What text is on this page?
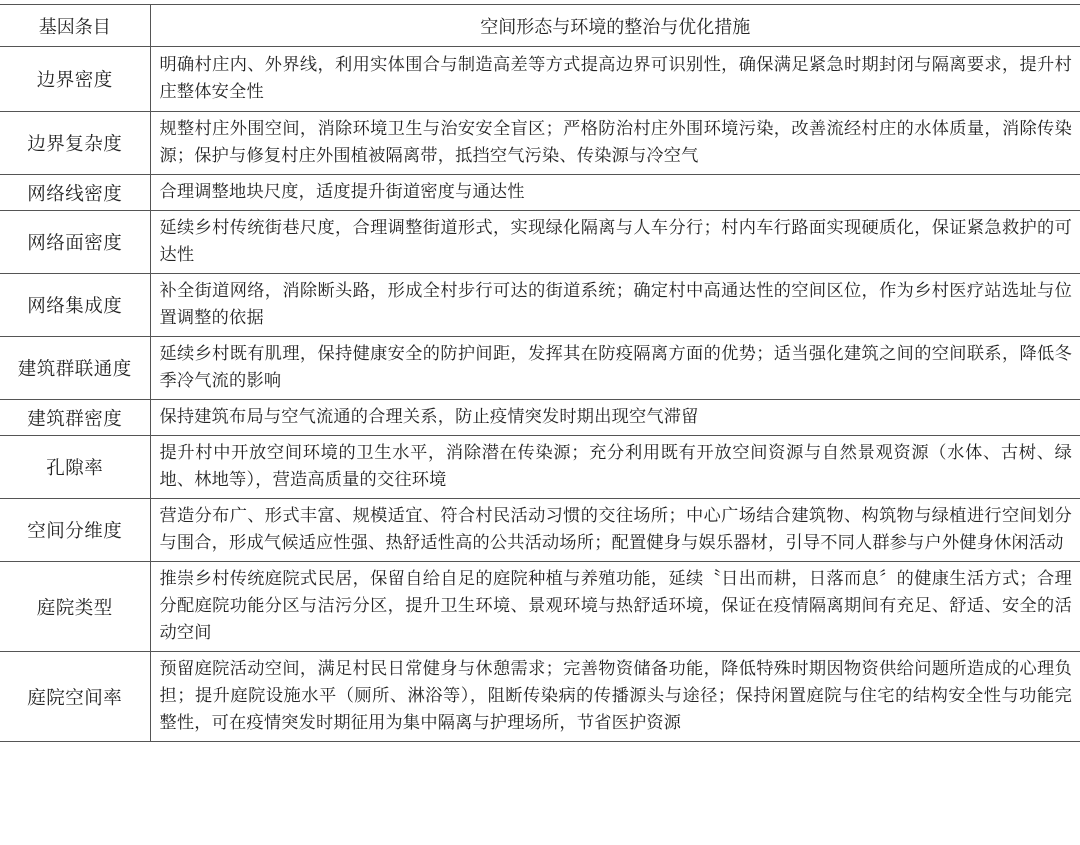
基因条目	空间形态与环境的整治与优化措施
边界密度	明确村庄内、外界线，利用实体围合与制造高差等方式提高边界可识别性，确保满足紧急时期封闭与隔离要求，提升村庄整体安全性
边界复杂度	规整村庄外围空间，消除环境卫生与治安安全盲区；严格防治村庄外围环境污染，改善流经村庄的水体质量，消除传染源；保护与修复村庄外围植被隔离带，抵挡空气污染、传染源与冷空气
网络线密度	合理调整地块尺度，适度提升街道密度与通达性
网络面密度	延续乡村传统街巷尺度，合理调整街道形式，实现绿化隔离与人车分行；村内车行路面实现硬质化，保证紧急救护的可达性
网络集成度	补全街道网络，消除断头路，形成全村步行可达的街道系统；确定村中高通达性的空间区位，作为乡村医疗站选址与位置调整的依据
建筑群联通度	延续乡村既有肌理，保持健康安全的防护间距，发挥其在防疫隔离方面的优势；适当强化建筑之间的空间联系，降低冬季冷气流的影响
建筑群密度	保持建筑布局与空气流通的合理关系，防止疫情突发时期出现空气滞留
孔隙率	提升村中开放空间环境的卫生水平，消除潜在传染源；充分利用既有开放空间资源与自然景观资源（水体、古树、绿地、林地等），营造高质量的交往环境
空间分维度	营造分布广、形式丰富、规模适宜、符合村民活动习惯的交往场所；中心广场结合建筑物、构筑物与绿植进行空间划分与围合，形成气候适应性强、热舒适性高的公共活动场所；配置健身与娱乐器材，引导不同人群参与户外健身休闲活动
庭院类型	推崇乡村传统庭院式民居，保留自给自足的庭院种植与养殖功能，延续〝日出而耕，日落而息〞的健康生活方式；合理分配庭院功能分区与洁污分区，提升卫生环境、景观环境与热舒适环境，保证在疫情隔离期间有充足、舒适、安全的活动空间
庭院空间率	预留庭院活动空间，满足村民日常健身与休憩需求；完善物资储备功能，降低特殊时期因物资供给问题所造成的心理负担；提升庭院设施水平（厕所、淋浴等），阻断传染病的传播源头与途径；保持闲置庭院与住宅的结构安全性与功能完整性，可在疫情突发时期征用为集中隔离与护理场所，节省医护资源
